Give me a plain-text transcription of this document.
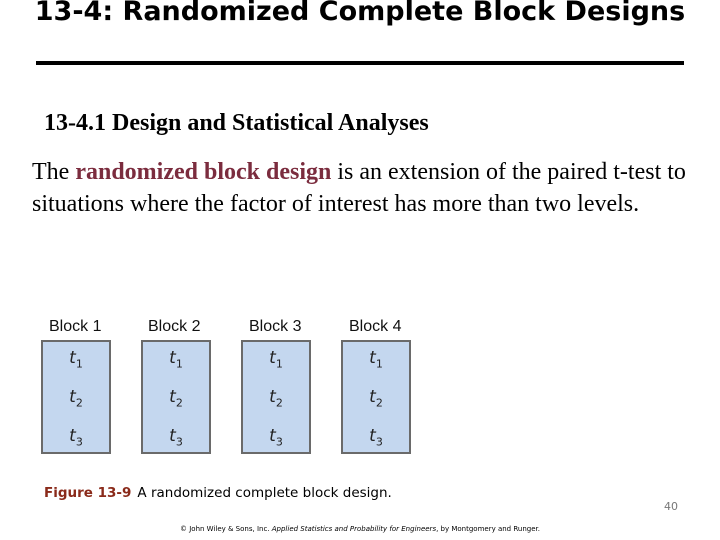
13-4: Randomized Complete Block Designs
13-4.1 Design and Statistical Analyses
The randomized block design is an extension of the paired t-test to situations where the factor of interest has more than two levels.
Block 1
$t_1$
$t_2$
$t_3$
Block 2
$t_1$
$t_2$
$t_3$
Block 3
$t_1$
$t_2$
$t_3$
Block 4
$t_1$
$t_2$
$t_3$
Figure 13-9 A randomized complete block design.
40
© John Wiley & Sons, Inc. Applied Statistics and Probability for Engineers, by Montgomery and Runger.
